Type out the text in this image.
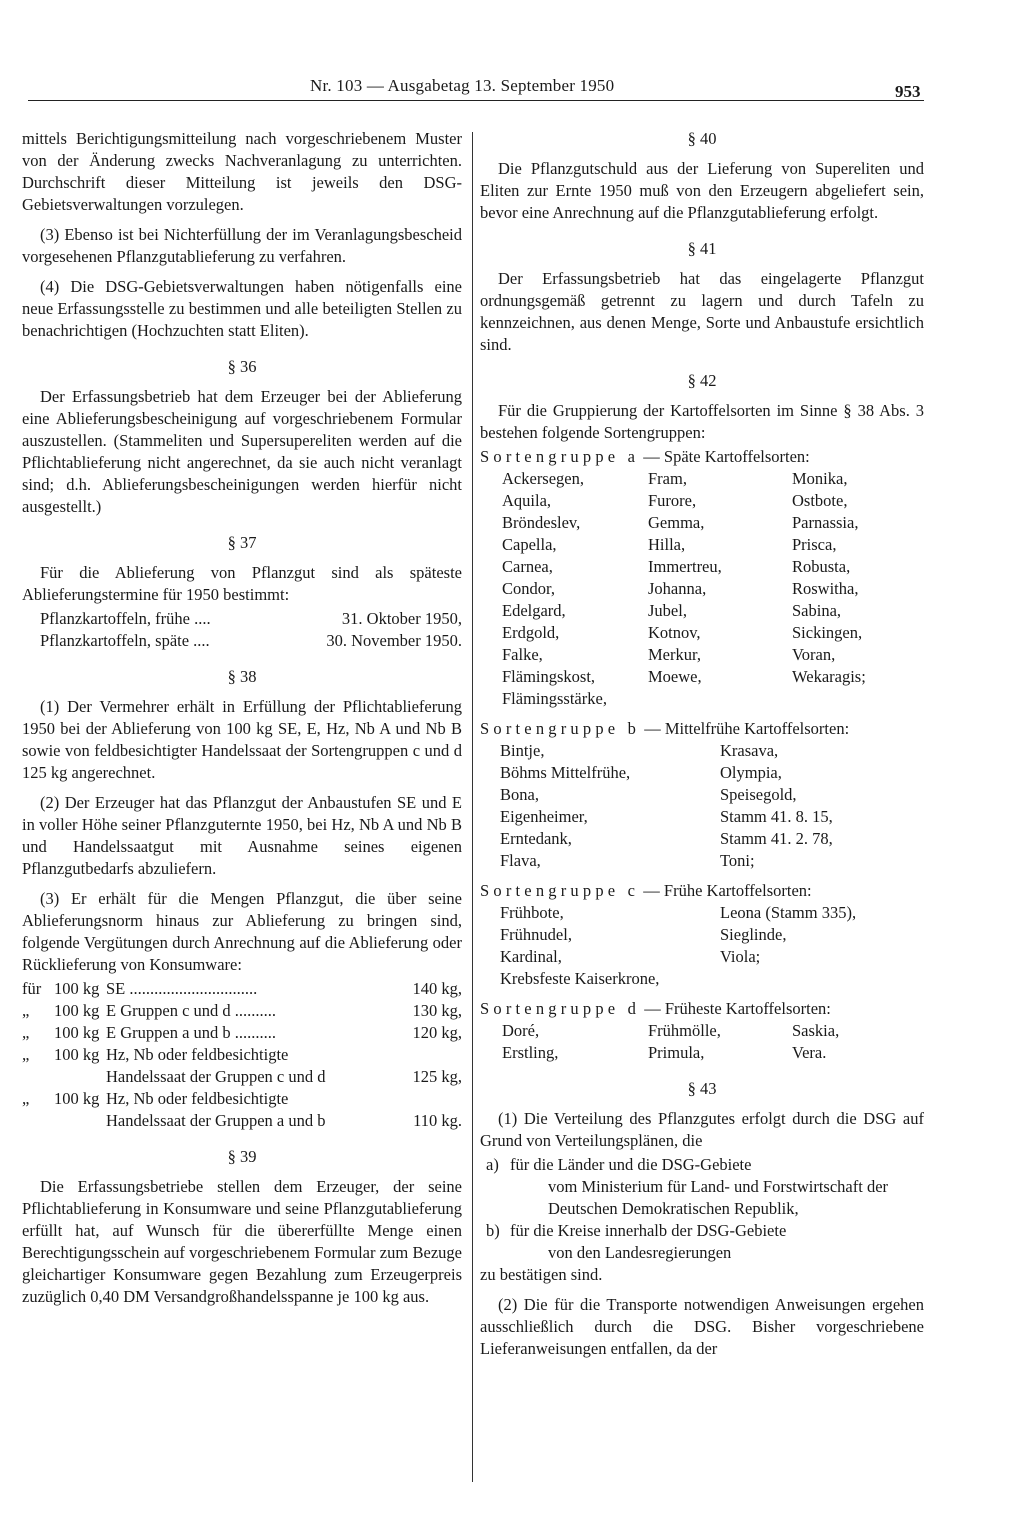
Nr. 103 — Ausgabetag 13. September 1950	953

mittels Berichtigungsmitteilung nach vorgeschriebenem Muster von der Änderung zwecks Nachveranlagung zu unterrichten. Durchschrift dieser Mitteilung ist jeweils den DSG-Gebietsverwaltungen vorzulegen.

(3) Ebenso ist bei Nichterfüllung der im Veranlagungsbescheid vorgesehenen Pflanzgutablieferung zu verfahren.

(4) Die DSG-Gebietsverwaltungen haben nötigenfalls eine neue Erfassungsstelle zu bestimmen und alle beteiligten Stellen zu benachrichtigen (Hochzuchten statt Eliten).

§ 36

Der Erfassungsbetrieb hat dem Erzeuger bei der Ablieferung eine Ablieferungsbescheinigung auf vorgeschriebenem Formular auszustellen. (Stammeliten und Supersupereliten werden auf die Pflichtablieferung nicht angerechnet, da sie auch nicht veranlagt sind; d.h. Ablieferungsbescheinigungen werden hierfür nicht ausgestellt.)

§ 37

Für die Ablieferung von Pflanzgut sind als späteste Ablieferungstermine für 1950 bestimmt:

Pflanzkartoffeln, frühe ....	31. Oktober 1950,
Pflanzkartoffeln, späte ....	30. November 1950.
§ 38

(1) Der Vermehrer erhält in Erfüllung der Pflichtablieferung 1950 bei der Ablieferung von 100 kg SE, E, Hz, Nb A und Nb B sowie von feldbesichtigter Handelssaat der Sortengruppen c und d 125 kg angerechnet.

(2) Der Erzeuger hat das Pflanzgut der Anbaustufen SE und E in voller Höhe seiner Pflanzguternte 1950, bei Hz, Nb A und Nb B und Handelssaatgut mit Ausnahme seines eigenen Pflanzgutbedarfs abzuliefern.

(3) Er erhält für die Mengen Pflanzgut, die über seine Ablieferungsnorm hinaus zur Ablieferung zu bringen sind, folgende Vergütungen durch Anrechnung auf die Ablieferung oder Rücklieferung von Konsumware:

für 100 kg SE ...............................	140 kg,
„	100 kg E Gruppen c und d ..........	130 kg,
„	100 kg E Gruppen a und b ..........	120 kg,
„	100 kg Hz, Nb oder feldbesichtigte
Handelssaat der Gruppen c und d	125 kg,
„	100 kg Hz, Nb oder feldbesichtigte
Handelssaat der Gruppen a und b	110 kg.
§ 39

Die Erfassungsbetriebe stellen dem Erzeuger, der seine Pflichtablieferung in Konsumware und seine Pflanzgutablieferung erfüllt hat, auf Wunsch für die übererfüllte Menge einen Berechtigungsschein auf vorgeschriebenem Formular zum Bezuge gleichartiger Konsumware gegen Bezahlung zum Erzeugerpreis zuzüglich 0,40 DM Versandgroßhandelsspanne je 100 kg aus.

§ 40

Die Pflanzgutschuld aus der Lieferung von Supereliten und Eliten zur Ernte 1950 muß von den Erzeugern abgeliefert sein, bevor eine Anrechnung auf die Pflanzgutablieferung erfolgt.

§ 41

Der Erfassungsbetrieb hat das eingelagerte Pflanzgut ordnungsgemäß getrennt zu lagern und durch Tafeln zu kennzeichnen, aus denen Menge, Sorte und Anbaustufe ersichtlich sind.

§ 42

Für die Gruppierung der Kartoffelsorten im Sinne § 38 Abs. 3 bestehen folgende Sortengruppen:

Sortengruppe a — Späte Kartoffelsorten:
Ackersegen,	Fram,	Monika,
Aquila,	Furore,	Ostbote,
Bröndeslev,	Gemma,	Parnassia,
Capella,	Hilla,	Prisca,
Carnea,	Immertreu,	Robusta,
Condor,	Johanna,	Roswitha,
Edelgard,	Jubel,	Sabina,
Erdgold,	Kotnov,	Sickingen,
Falke,	Merkur,	Voran,
Flämingskost,	Moewe,	Wekaragis;
Flämingsstärke,
Sortengruppe b — Mittelfrühe Kartoffelsorten:
Bintje,	Krasava,
Böhms Mittelfrühe,	Olympia,
Bona,	Speisegold,
Eigenheimer,	Stamm 41. 8. 15,
Erntedank,	Stamm 41. 2. 78,
Flava,	Toni;
Sortengruppe c — Frühe Kartoffelsorten:
Frühbote,	Leona (Stamm 335),
Frühnudel,	Sieglinde,
Kardinal,	Viola;
Krebsfeste Kaiserkrone,
Sortengruppe d — Früheste Kartoffelsorten:
Doré,	Frühmölle,	Saskia,
Erstling,	Primula,	Vera.
§ 43

(1) Die Verteilung des Pflanzgutes erfolgt durch die DSG auf Grund von Verteilungsplänen, die

a) für die Länder und die DSG-Gebiete
vom Ministerium für Land- und Forstwirtschaft der Deutschen Demokratischen Republik,
b) für die Kreise innerhalb der DSG-Gebiete
von den Landesregierungen
zu bestätigen sind.

(2) Die für die Transporte notwendigen Anweisungen ergehen ausschließlich durch die DSG. Bisher vorgeschriebene Lieferanweisungen entfallen, da der
